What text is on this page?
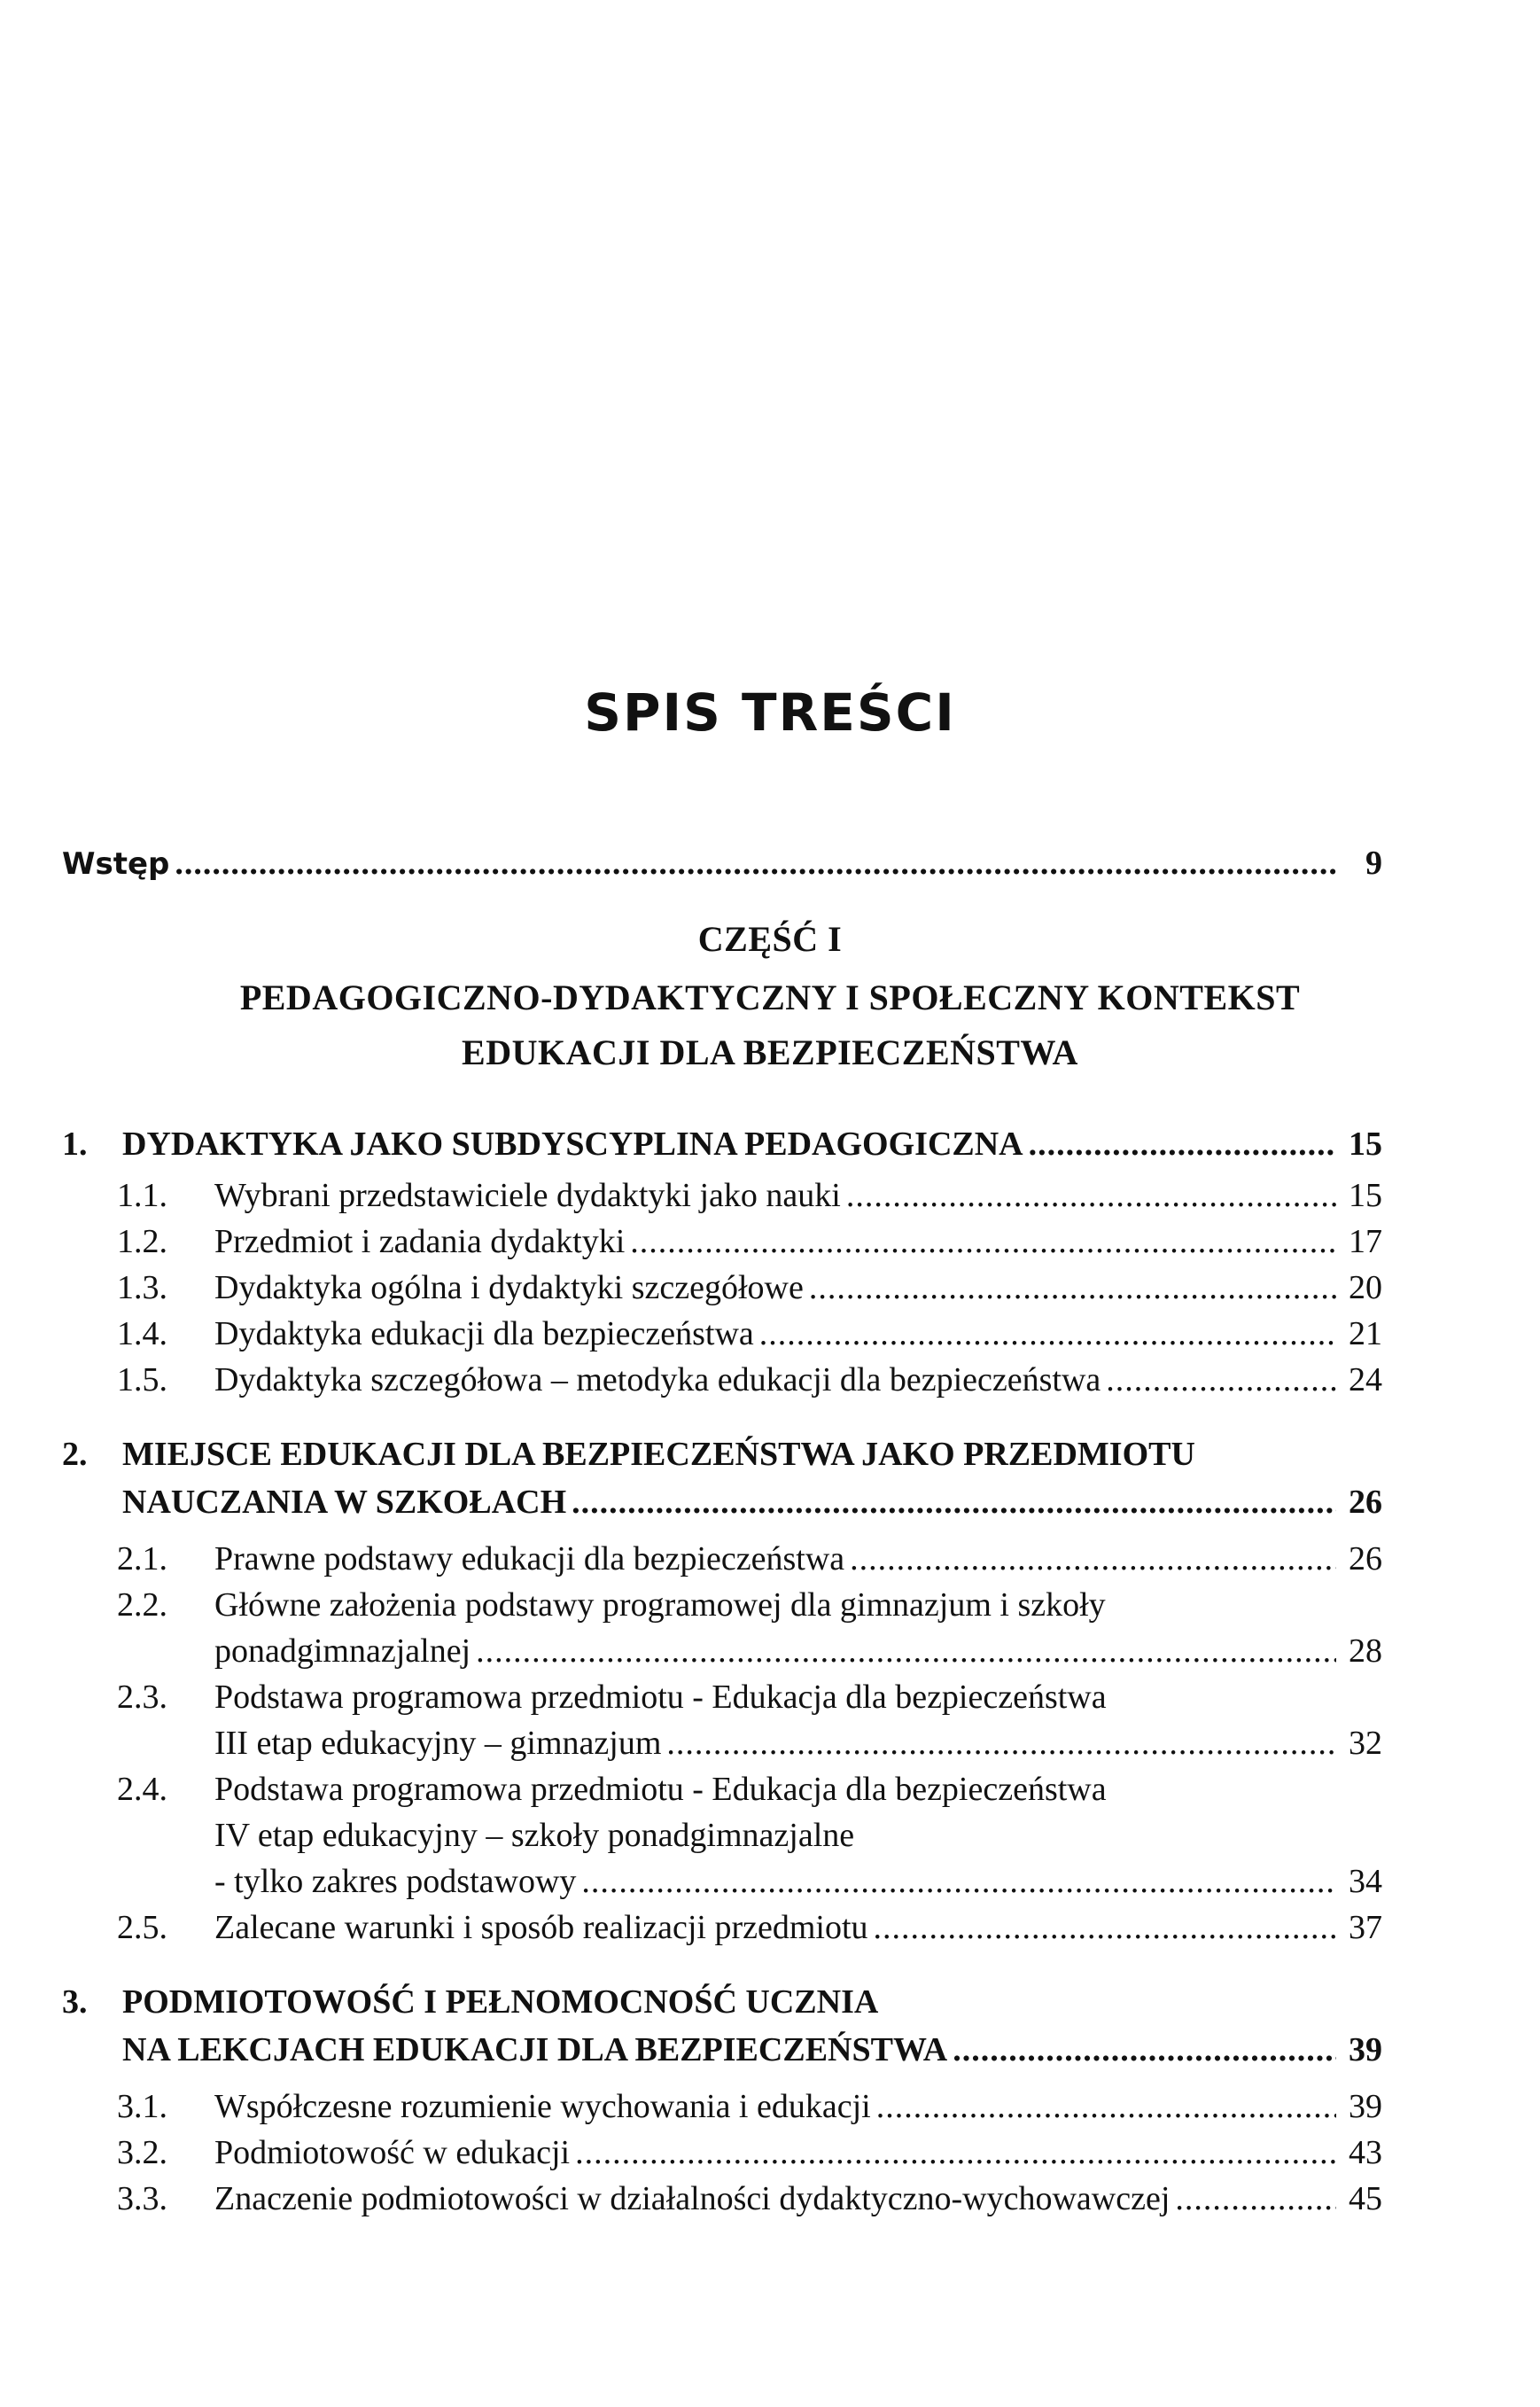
SPIS TREŚCI
Wstęp .....	9
CZĘŚĆ I
PEDAGOGICZNO-DYDAKTYCZNY I SPOŁECZNY KONTEKST
EDUKACJI DLA BEZPIECZEŃSTWA
1.	DYDAKTYKA JAKO SUBDYSCYPLINA PEDAGOGICZNA .....	15
1.1.	Wybrani przedstawiciele dydaktyki jako nauki .....	15
1.2.	Przedmiot i zadania dydaktyki .....	17
1.3.	Dydaktyka ogólna i dydaktyki szczegółowe .....	20
1.4.	Dydaktyka edukacji dla bezpieczeństwa .....	21
1.5.	Dydaktyka szczegółowa – metodyka edukacji dla bezpieczeństwa .....	24
2.	MIEJSCE EDUKACJI DLA BEZPIECZEŃSTWA JAKO PRZEDMIOTU
NAUCZANIA W SZKOŁACH .....	26
2.1.	Prawne podstawy edukacji dla bezpieczeństwa .....	26
2.2.	Główne założenia podstawy programowej dla gimnazjum i szkoły
ponadgimnazjalnej .....	28
2.3.	Podstawa programowa przedmiotu - Edukacja dla bezpieczeństwa
III etap edukacyjny – gimnazjum .....	32
2.4.	Podstawa programowa przedmiotu - Edukacja dla bezpieczeństwa
IV etap edukacyjny – szkoły ponadgimnazjalne
- tylko zakres podstawowy .....	34
2.5.	Zalecane warunki i sposób realizacji przedmiotu .....	37
3.	PODMIOTOWOŚĆ I PEŁNOMOCNOŚĆ UCZNIA
NA LEKCJACH EDUKACJI DLA BEZPIECZEŃSTWA .....	39
3.1.	Współczesne rozumienie wychowania i edukacji .....	39
3.2.	Podmiotowość w edukacji .....	43
3.3.	Znaczenie podmiotowości w działalności dydaktyczno-wychowawczej .....	45
